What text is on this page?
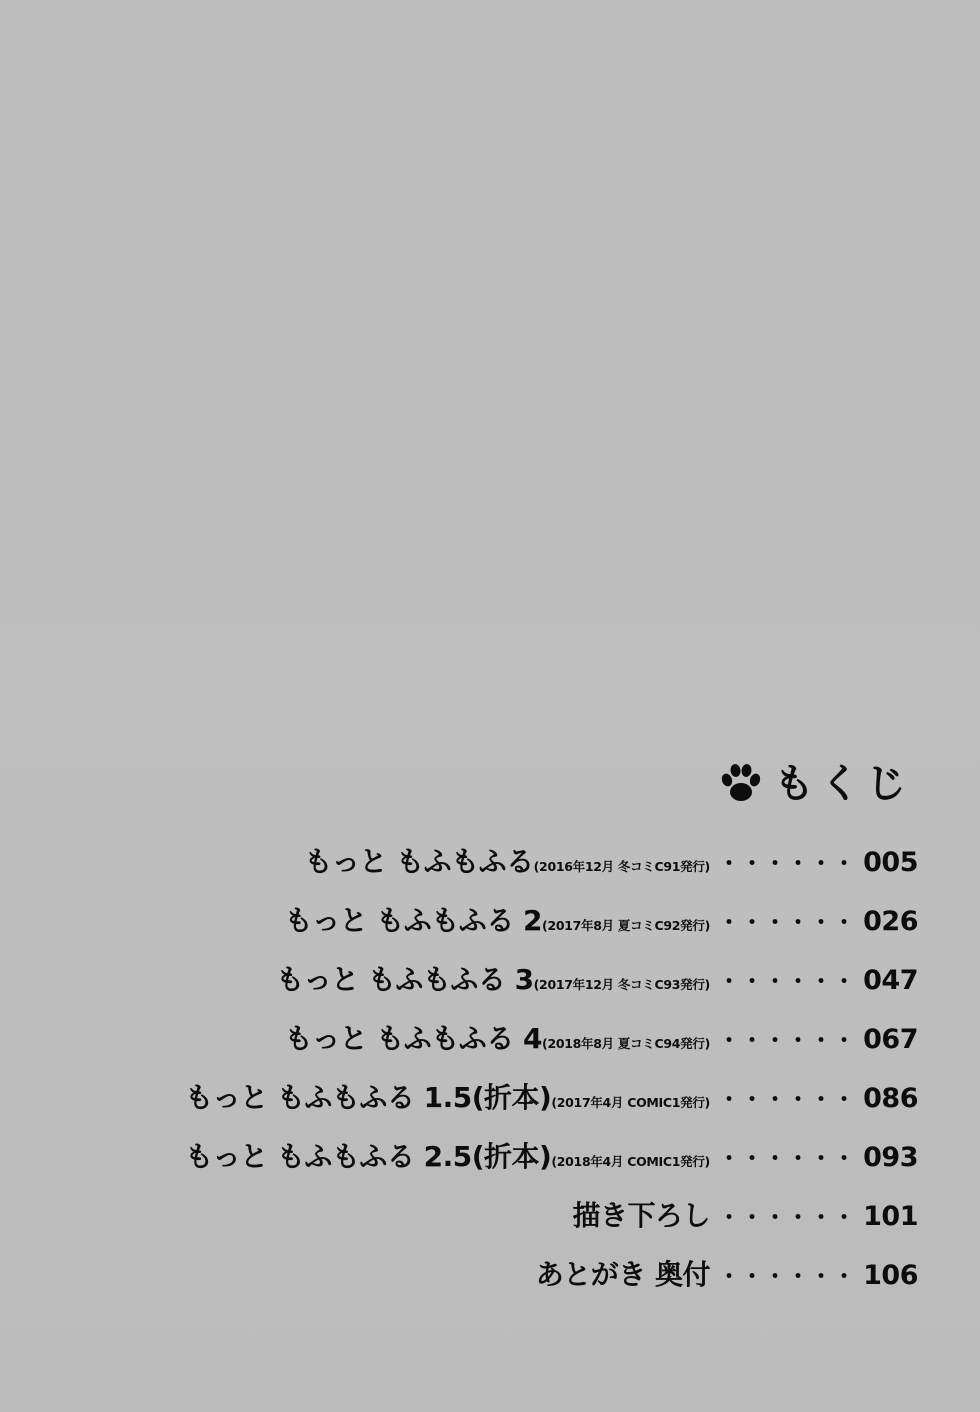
もくじ
もっと もふもふる (2016年12月 冬コミC91発行) ・・・・・・ 005
もっと もふもふる 2 (2017年8月 夏コミC92発行) ・・・・・・ 026
もっと もふもふる 3 (2017年12月 冬コミC93発行) ・・・・・・ 047
もっと もふもふる 4 (2018年8月 夏コミC94発行) ・・・・・・ 067
もっと もふもふる 1.5(折本) (2017年4月 COMIC1発行) ・・・・・・ 086
もっと もふもふる 2.5(折本) (2018年4月 COMIC1発行) ・・・・・・ 093
描き下ろし ・・・・・・ 101
あとがき 奥付 ・・・・・・ 106
